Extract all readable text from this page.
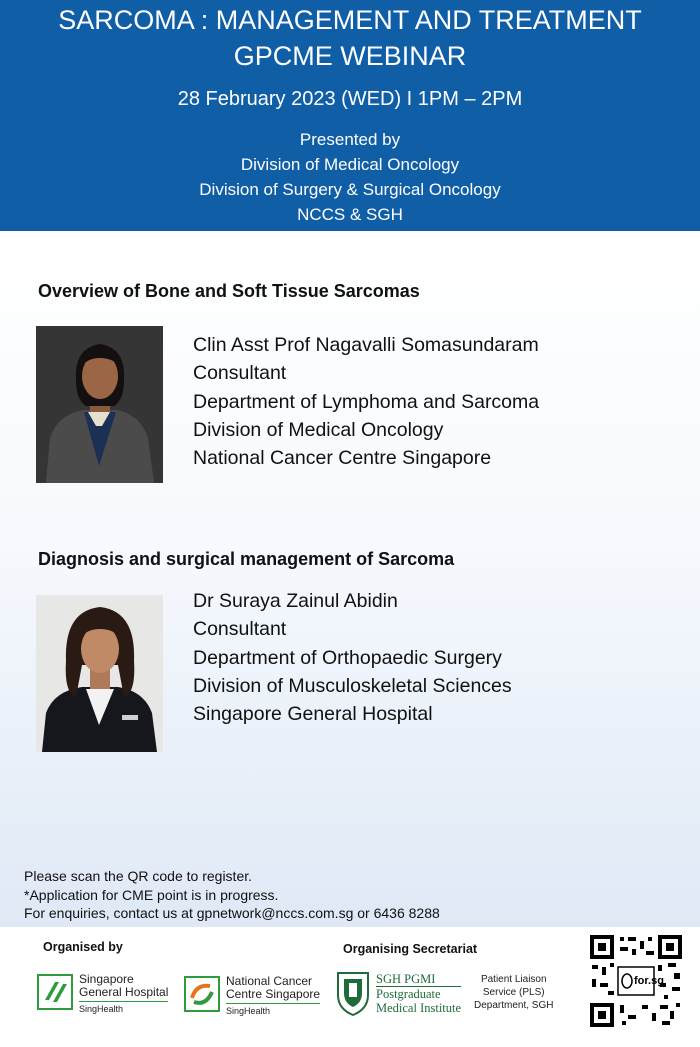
SARCOMA : MANAGEMENT AND TREATMENT
GPCME WEBINAR
28 February 2023 (WED) I 1PM – 2PM
Presented by
Division of Medical Oncology
Division of Surgery & Surgical Oncology
NCCS & SGH
Overview of Bone and Soft Tissue Sarcomas
Clin Asst Prof Nagavalli Somasundaram
Consultant
Department of Lymphoma and Sarcoma
Division of Medical Oncology
National Cancer Centre Singapore
Diagnosis and surgical management of Sarcoma
Dr Suraya Zainul Abidin
Consultant
Department of Orthopaedic Surgery
Division of Musculoskeletal Sciences
Singapore General Hospital
Please scan the QR code to register.
*Application for CME point is in progress.
For enquiries, contact us at gpnetwork@nccs.com.sg or 6436 8288
Organised by	Organising Secretariat
Singapore
General Hospital
SingHealth
National Cancer
Centre Singapore
SingHealth
SGH PGMI
Postgraduate
Medical Institute
Patient Liaison
Service (PLS)
Department, SGH
for.sg
